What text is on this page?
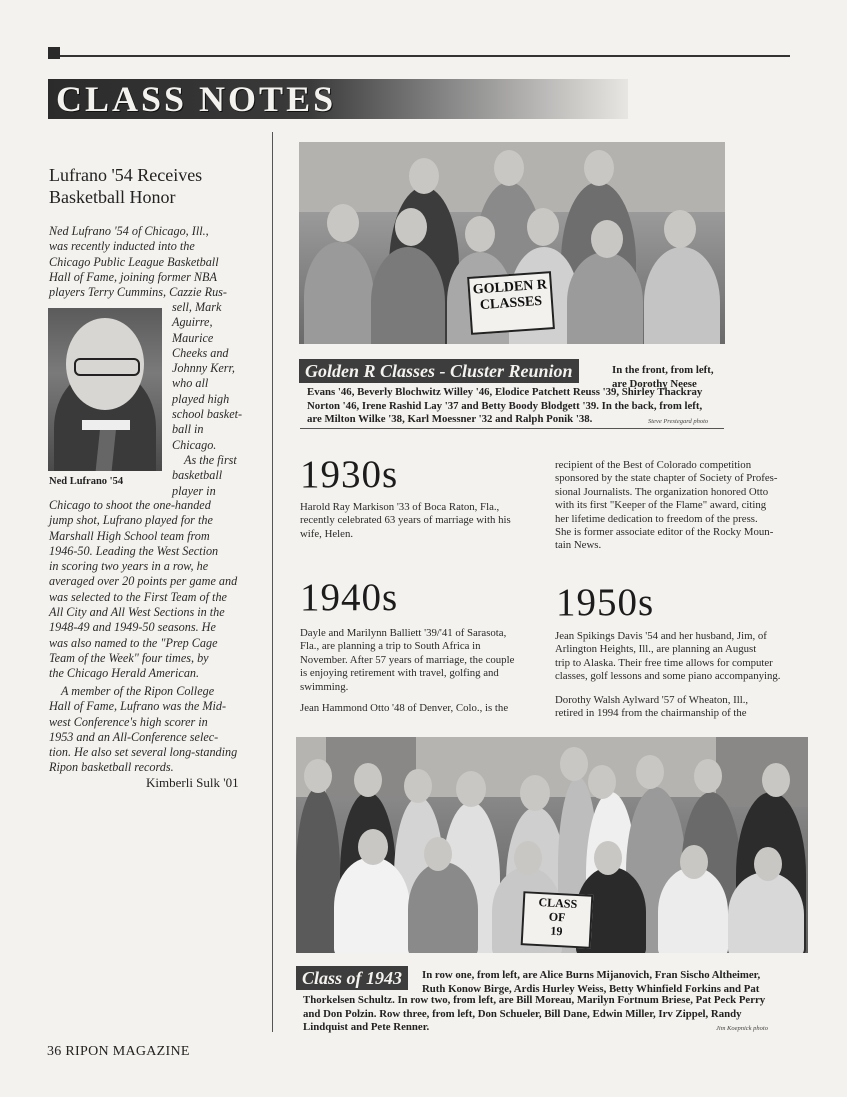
CLASS NOTES
Lufrano '54 Receives
Basketball Honor
Ned Lufrano '54 of Chicago, Ill.,
was recently inducted into the
Chicago Public League Basketball
Hall of Fame, joining former NBA
players Terry Cummins, Cazzie Rus-
sell, Mark
Aguirre,
Maurice
Cheeks and
Johnny Kerr,
who all
played high
school basket-
ball in
Chicago.
As the first
basketball
player in
Ned Lufrano '54
Chicago to shoot the one-handed
jump shot, Lufrano played for the
Marshall High School team from
1946-50. Leading the West Section
in scoring two years in a row, he
averaged over 20 points per game and
was selected to the First Team of the
All City and All West Sections in the
1948-49 and 1949-50 seasons. He
was also named to the "Prep Cage
Team of the Week" four times, by
the Chicago Herald American.
A member of the Ripon College
Hall of Fame, Lufrano was the Mid-
west Conference's high scorer in
1953 and an All-Conference selec-
tion. He also set several long-standing
Ripon basketball records.
Kimberli Sulk '01
GOLDEN R
CLASSES
Golden R Classes - Cluster Reunion	In the front, from left,
are Dorothy Neese
Evans '46, Beverly Blochwitz Willey '46, Elodice Patchett Reuss '39, Shirley Thackray
Norton '46, Irene Rashid Lay '37 and Betty Boody Blodgett '39. In the back, from left,
are Milton Wilke '38, Karl Moessner '32 and Ralph Ponik '38.	Steve Prestegard photo
1930s
Harold Ray Markison '33 of Boca Raton, Fla.,
recently celebrated 63 years of marriage with his
wife, Helen.
recipient of the Best of Colorado competition
sponsored by the state chapter of Society of Profes-
sional Journalists. The organization honored Otto
with its first "Keeper of the Flame" award, citing
her lifetime dedication to freedom of the press.
She is former associate editor of the Rocky Moun-
tain News.
1940s
Dayle and Marilynn Balliett '39/'41 of Sarasota,
Fla., are planning a trip to South Africa in
November. After 57 years of marriage, the couple
is enjoying retirement with travel, golfing and
swimming.
Jean Hammond Otto '48 of Denver, Colo., is the
1950s
Jean Spikings Davis '54 and her husband, Jim, of
Arlington Heights, Ill., are planning an August
trip to Alaska. Their free time allows for computer
classes, golf lessons and some piano accompanying.
Dorothy Walsh Aylward '57 of Wheaton, Ill.,
retired in 1994 from the chairmanship of the
CLASS
OF
19
Class of 1943	In row one, from left, are Alice Burns Mijanovich, Fran Sischo Altheimer,
Ruth Konow Birge, Ardis Hurley Weiss, Betty Whinfield Forkins and Pat
Thorkelsen Schultz. In row two, from left, are Bill Moreau, Marilyn Fortnum Briese, Pat Peck Perry
and Don Polzin. Row three, from left, Don Schueler, Bill Dane, Edwin Miller, Irv Zippel, Randy
Lindquist and Pete Renner.	Jim Koepnick photo
36 RIPON MAGAZINE
